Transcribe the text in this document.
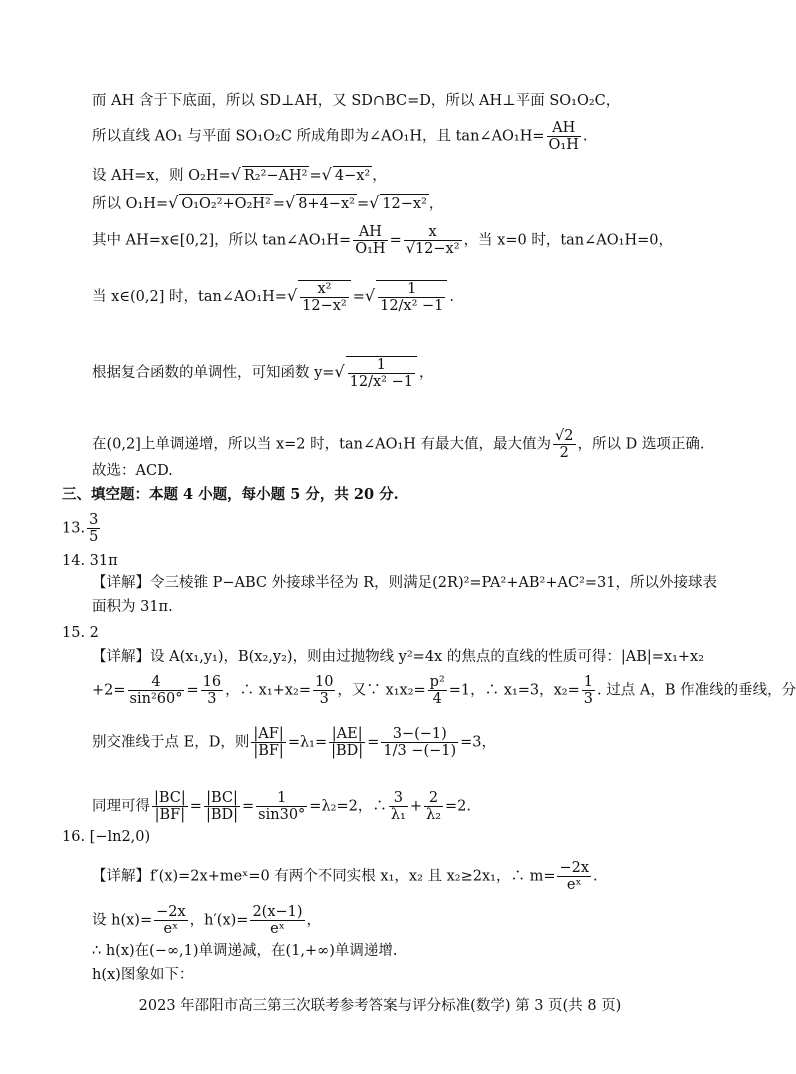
而 AH 含于下底面，所以 SD⊥AH，又 SD∩BC=D，所以 AH⊥平面 SO₁O₂C，
所以直线 AO₁ 与平面 SO₁O₂C 所成角即为∠AO₁H，且 tan∠AO₁H= $\frac{AH}{\text{O₁H}}$ .
设 AH=x，则 O₂H=√ R₂²−AH² =√ 4−x² ，
所以 O₁H=√ O₁O₂²+O₂H² =√ 8+4−x² =√ 12−x² ，
其中 AH=x∈[0,2]，所以 tan∠AO₁H= $\frac{AH}{\text{O₁H}} = \frac{x}{\text{√12−x²}}$ ，当 x=0 时，tan∠AO₁H=0，
当 x∈(0,2] 时，tan∠AO₁H=√ $\frac{\text{x²}}{\text{12−x²}}$ =√ $\frac{1}{\text{12/x² −1}}$ .
根据复合函数的单调性，可知函数 $y=√ \frac{1}{\text{12/x² −1}}$ ，
在(0,2]上单调递增，所以当 x=2 时，tan∠AO₁H 有最大值，最大值为 $\frac{√2}{2}$ ，所以 D 选项正确.
故选：ACD.
三、填空题：本题 4 小题，每小题 5 分，共 20 分.
13. $\frac{3}{5}$
14. 31π
【详解】令三棱锥 P−ABC 外接球半径为 R，则满足(2R)²=PA²+AB²+AC²=31，所以外接球表
面积为 31π.
15. 2
【详解】设 A(x₁,y₁)，B(x₂,y₂)，则由过抛物线 y²=4x 的焦点的直线的性质可得：|AB|=x₁+x₂
$+2= \frac{4}{\text{sin²60°}} = \frac{16}{3}$ ，∴ $x_1+x_2= \frac{10}{3}$ ，又∵ $x_1x_2= \frac{\text{p²}}{4} =1$，∴ x₁=3，$x_2= \frac{1}{3}$ . 过点 A，B 作准线的垂线，分
别交准线于点 E，D，则 $\frac{|AF|}{|BF|} =\lambda_1= \frac{|AE|}{|BD|} = \frac{3-(-1)}{1/3 -(-1)} =3$，
同理可得 $\frac{|BC|}{|BF|} = \frac{|BC|}{|BD|} = \frac{1}{\sin 30^\circ} =\lambda_2=2$，∴ $\frac{3}{\text{λ₁}} + \frac{2}{\text{λ₂}} =2$.
16. [−ln2,0)
【详解】f′(x)=2x+meˣ=0 有两个不同实根 x₁，x₂ 且 x₂≥2x₁，∴ $m= \frac{-2x}{\text{eˣ}}$ .
设 $h(x)= \frac{-2x}{\text{eˣ}}$ ，$h'(x)= \frac{2(x-1)}{\text{eˣ}}$ ，
∴ h(x)在(−∞,1)单调递减，在(1,+∞)单调递增.
h(x)图象如下：
2023 年邵阳市高三第三次联考参考答案与评分标准(数学) 第 3 页(共 8 页)
